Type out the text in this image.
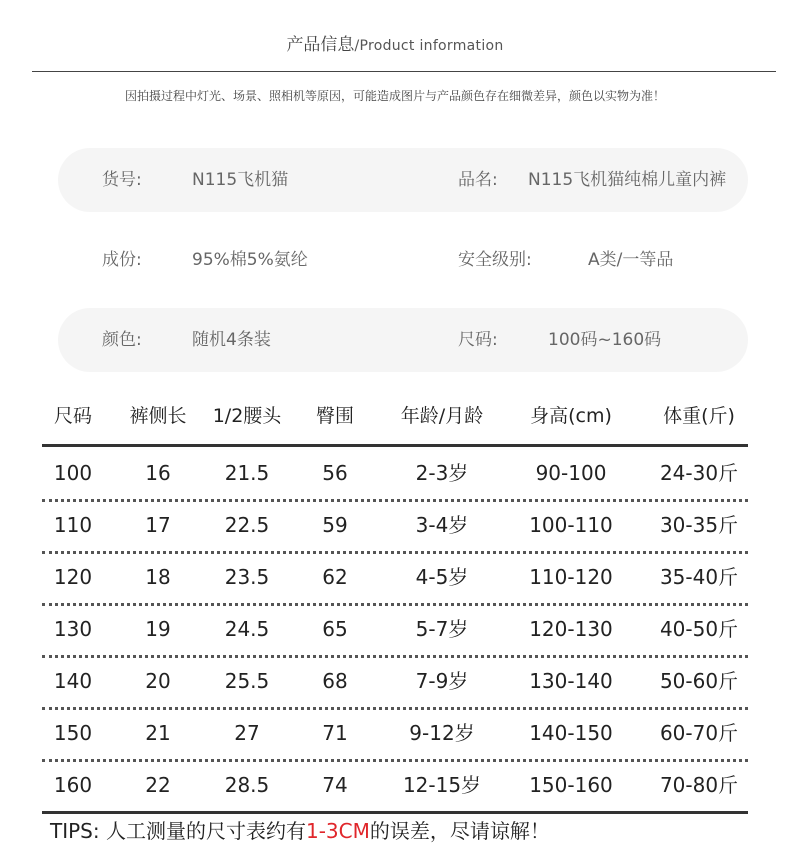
产品信息/Product information
因拍摄过程中灯光、场景、照相机等原因，可能造成图片与产品颜色存在细微差异，颜色以实物为准！
货号:	N115飞机猫	品名: N115飞机猫纯棉儿童内裤
成份:	95%棉5%氨纶	安全级别:	A类/一等品
颜色:	随机4条装	尺码:	100码~160码
尺码	裤侧长	1/2腰头	臀围	年龄/月龄	身高(cm)	体重(斤)
100	16	21.5	56	2-3岁	90-100	24-30斤
110	17	22.5	59	3-4岁	100-110	30-35斤
120	18	23.5	62	4-5岁	110-120	35-40斤
130	19	24.5	65	5-7岁	120-130	40-50斤
140	20	25.5	68	7-9岁	130-140	50-60斤
150	21	27	71	9-12岁	140-150	60-70斤
160	22	28.5	74	12-15岁	150-160	70-80斤
TIPS: 人工测量的尺寸表约有1-3CM的误差，尽请谅解！
